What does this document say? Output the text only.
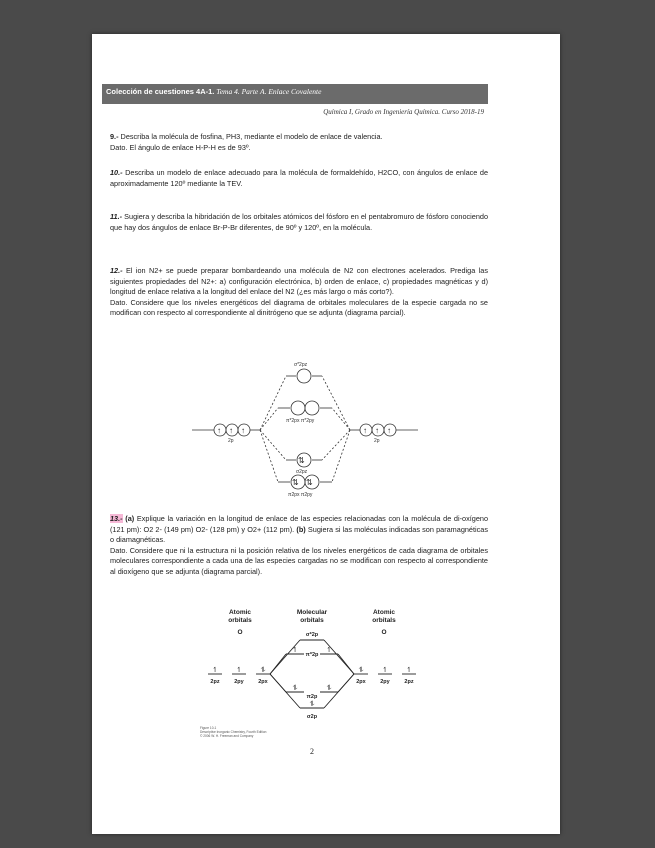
Colección de cuestiones 4A-1. Tema 4. Parte A. Enlace Covalente
Química I, Grado en Ingeniería Química. Curso 2018-19
9.- Describa la molécula de fosfina, PH3, mediante el modelo de enlace de valencia.
Dato. El ángulo de enlace H-P-H es de 93º.
10.- Describa un modelo de enlace adecuado para la molécula de formaldehído, H2CO, con ángulos de enlace de aproximadamente 120º mediante la TEV.
11.- Sugiera y describa la hibridación de los orbitales atómicos del fósforo en el pentabromuro de fósforo conociendo que hay dos ángulos de enlace Br-P-Br diferentes, de 90º y 120º, en la molécula.
12.- El ion N2+ se puede preparar bombardeando una molécula de N2 con electrones acelerados. Prediga las siguientes propiedades del N2+: a) configuración electrónica, b) orden de enlace, c) propiedades magnéticas y d) longitud de enlace relativa a la longitud del enlace del N2 (¿es más largo o más corto?).
Dato. Considere que los niveles energéticos del diagrama de orbitales moleculares de la especie cargada no se modifican con respecto al correspondiente al dinitrógeno que se adjunta (diagrama parcial).
↑ ↑ ↑	↑ ↑ ↑
⇅
⇅ ⇅
σ*2pz
π*2px π*2py
σ2pz
π2px π2py
2p	2p
13.- (a) Explique la variación en la longitud de enlace de las especies relacionadas con la molécula de di-oxígeno (121 pm): O2 2- (149 pm) O2- (128 pm) y O2+ (112 pm). (b) Sugiera si las moléculas indicadas son paramagnéticas o diamagnéticas.
Dato. Considere que ni la estructura ni la posición relativa de los niveles energéticos de cada diagrama de orbitales moleculares correspondiente a cada una de las especies cargadas no se modifican con respecto al correspondiente al dioxígeno que se adjunta (diagrama parcial).
Atomic
orbitals
Molecular
orbitals
Atomic
orbitals
O	O
↿	↿	⥮	⥮	↿	↿
↿	↿
⥮	⥮
⥮
2pz	2py	2px	2px	2py	2pz
σ*2p
π*2p
π2p
σ2p
Figure 10-1
Descriptive Inorganic Chemistry, Fourth Edition
© 2006 W. H. Freeman and Company
2
